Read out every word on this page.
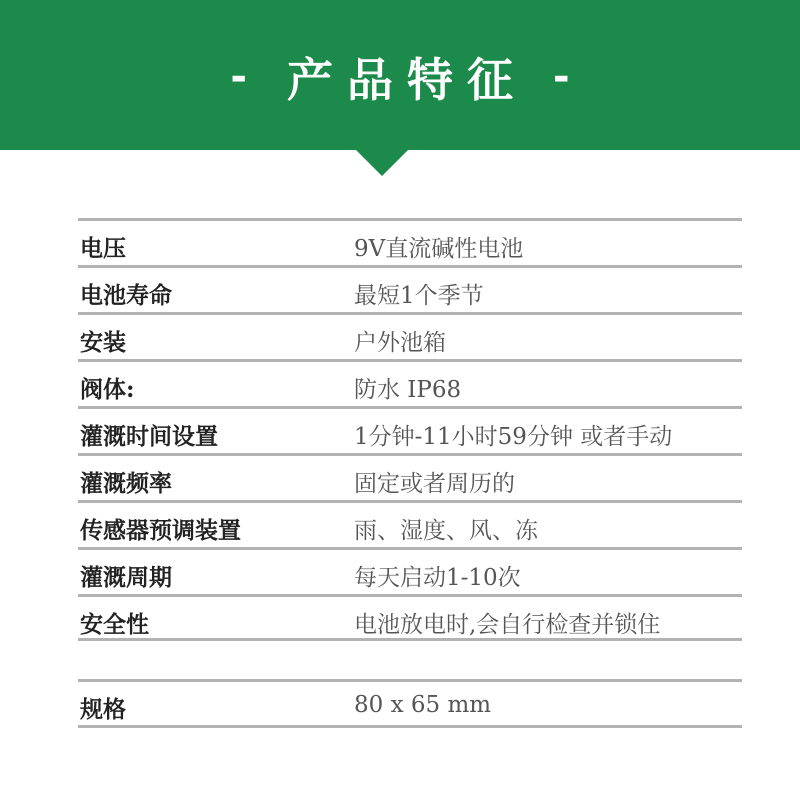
- 产品特征 -
电压	9V直流碱性电池
电池寿命	最短1个季节
安装	户外池箱
阀体:	防水 IP68
灌溉时间设置	1分钟-11小时59分钟 或者手动
灌溉频率	固定或者周历的
传感器预调装置	雨、湿度、风、冻
灌溉周期	每天启动1-10次
安全性	电池放电时,会自行检查并锁住
规格	80 x 65 mm
